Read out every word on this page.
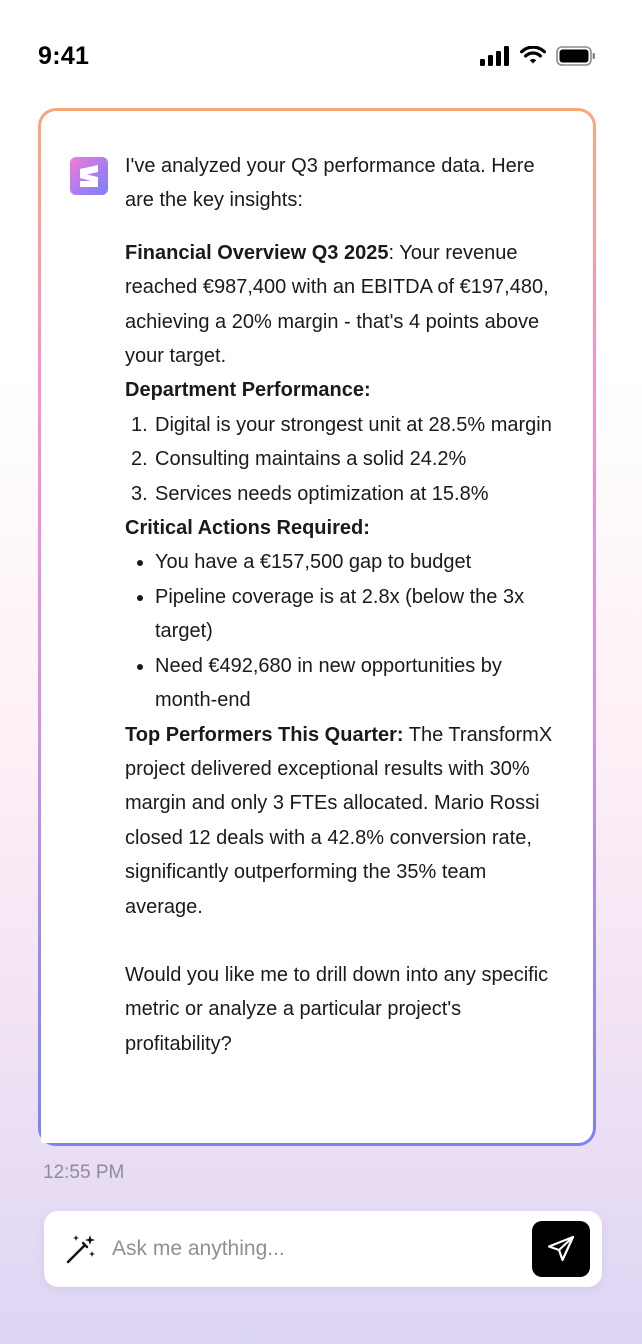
9:41

I've analyzed your Q3 performance data. Here are the key insights:

Financial Overview Q3 2025: Your revenue reached €987,400 with an EBITDA of €197,480, achieving a 20% margin - that's 4 points above your target.

Department Performance:

1. Digital is your strongest unit at 28.5% margin
2. Consulting maintains a solid 24.2%
3. Services needs optimization at 15.8%

Critical Actions Required:

You have a €157,500 gap to budget
Pipeline coverage is at 2.8x (below the 3x target)
Need €492,680 in new opportunities by month-end

Top Performers This Quarter: The TransformX project delivered exceptional results with 30% margin and only 3 FTEs allocated. Mario Rossi closed 12 deals with a 42.8% conversion rate, significantly outperforming the 35% team average.

Would you like me to drill down into any specific metric or analyze a particular project's profitability?

12:55 PM
Ask me anything...
